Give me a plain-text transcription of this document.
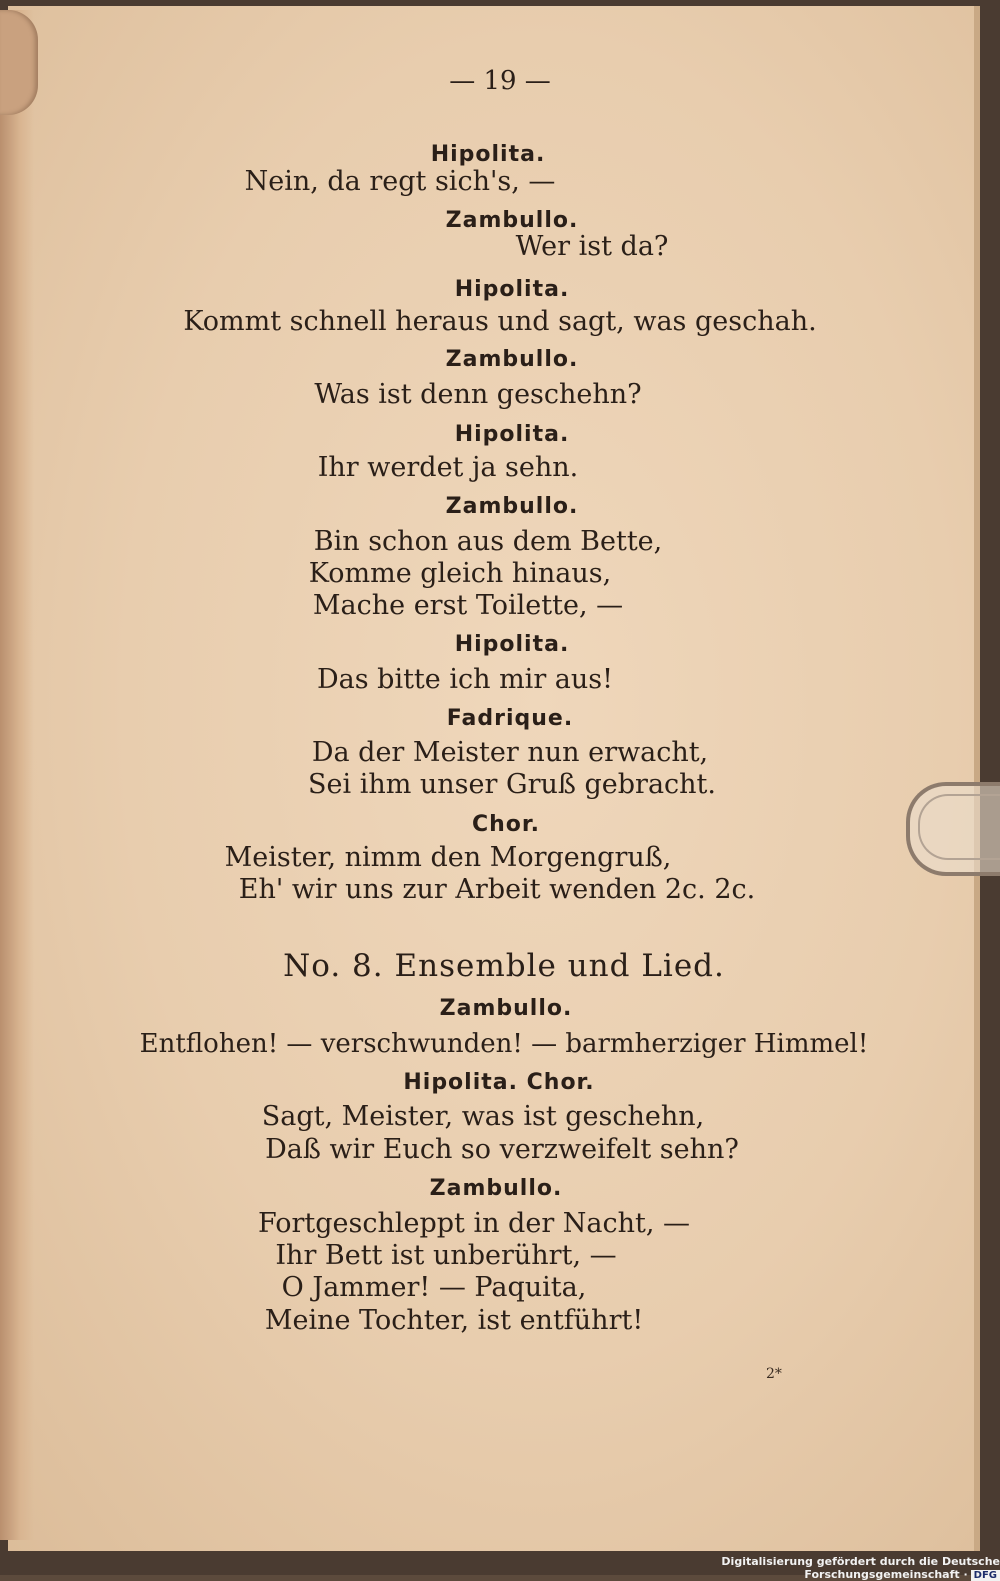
— 19 —
Hipolita.
Nein, da regt sich's, —
Zambullo.
Wer ist da?
Hipolita.
Kommt schnell heraus und sagt, was geschah.
Zambullo.
Was ist denn geschehn?
Hipolita.
Ihr werdet ja sehn.
Zambullo.
Bin schon aus dem Bette,
Komme gleich hinaus,
Mache erst Toilette, —
Hipolita.
Das bitte ich mir aus!
Fadrique.
Da der Meister nun erwacht,
Sei ihm unser Gruß gebracht.
Chor.
Meister, nimm den Morgengruß,
Eh' wir uns zur Arbeit wenden 2c. 2c.
No. 8. Ensemble und Lied.
Zambullo.
Entflohen! — verschwunden! — barmherziger Himmel!
Hipolita. Chor.
Sagt, Meister, was ist geschehn,
Daß wir Euch so verzweifelt sehn?
Zambullo.
Fortgeschleppt in der Nacht, —
Ihr Bett ist unberührt, —
O Jammer! — Paquita,
Meine Tochter, ist entführt!
2*
Digitalisierung gefördert durch die Deutsche Forschungsgemeinschaft · DFG
